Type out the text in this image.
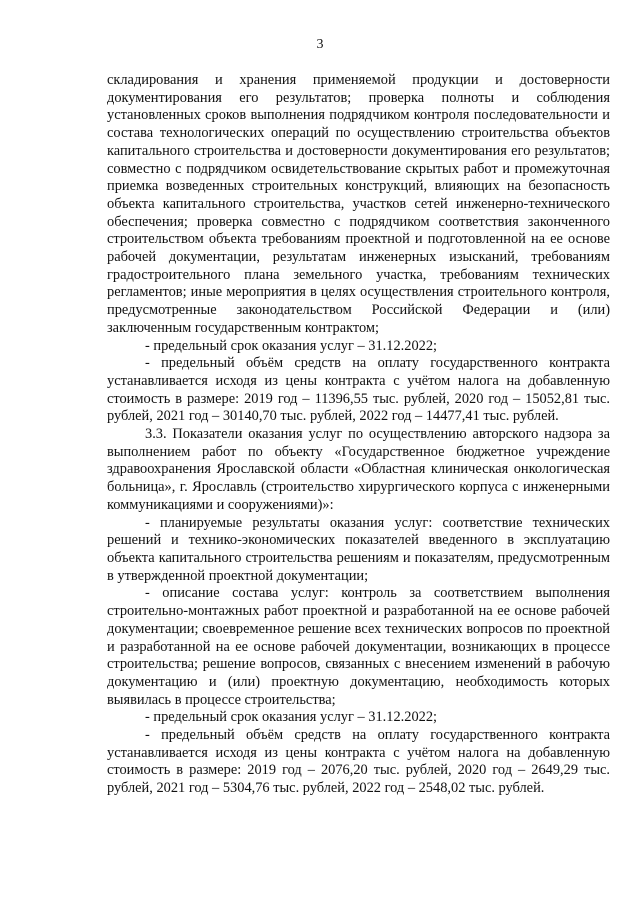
3

складирования и хранения применяемой продукции и достоверности документирования его результатов; проверка полноты и соблюдения установленных сроков выполнения подрядчиком контроля последовательности и состава технологических операций по осуществлению строительства объектов капитального строительства и достоверности документирования его результатов; совместно с подрядчиком освидетельствование скрытых работ и промежуточная приемка возведенных строительных конструкций, влияющих на безопасность объекта капитального строительства, участков сетей инженерно-технического обеспечения; проверка совместно с подрядчиком соответствия законченного строительством объекта требованиям проектной и подготовленной на ее основе рабочей документации, результатам инженерных изысканий, требованиям градостроительного плана земельного участка, требованиям технических регламентов; иные мероприятия в целях осуществления строительного контроля, предусмотренные законодательством Российской Федерации и (или) заключенным государственным контрактом;

- предельный срок оказания услуг – 31.12.2022;

- предельный объём средств на оплату государственного контракта устанавливается исходя из цены контракта с учётом налога на добавленную стоимость в размере: 2019 год – 11396,55 тыс. рублей, 2020 год – 15052,81 тыс. рублей, 2021 год – 30140,70 тыс. рублей, 2022 год – 14477,41 тыс. рублей.

3.3. Показатели оказания услуг по осуществлению авторского надзора за выполнением работ по объекту «Государственное бюджетное учреждение здравоохранения Ярославской области «Областная клиническая онкологическая больница», г. Ярославль (строительство хирургического корпуса с инженерными коммуникациями и сооружениями)»:

- планируемые результаты оказания услуг: соответствие технических решений и технико-экономических показателей введенного в эксплуатацию объекта капитального строительства решениям и показателям, предусмотренным в утвержденной проектной документации;

- описание состава услуг: контроль за соответствием выполнения строительно-монтажных работ проектной и разработанной на ее основе рабочей документации; своевременное решение всех технических вопросов по проектной и разработанной на ее основе рабочей документации, возникающих в процессе строительства; решение вопросов, связанных с внесением изменений в рабочую документацию и (или) проектную документацию, необходимость которых выявилась в процессе строительства;

- предельный срок оказания услуг – 31.12.2022;

- предельный объём средств на оплату государственного контракта устанавливается исходя из цены контракта с учётом налога на добавленную стоимость в размере: 2019 год – 2076,20 тыс. рублей, 2020 год – 2649,29 тыс. рублей, 2021 год – 5304,76 тыс. рублей, 2022 год – 2548,02 тыс. рублей.
